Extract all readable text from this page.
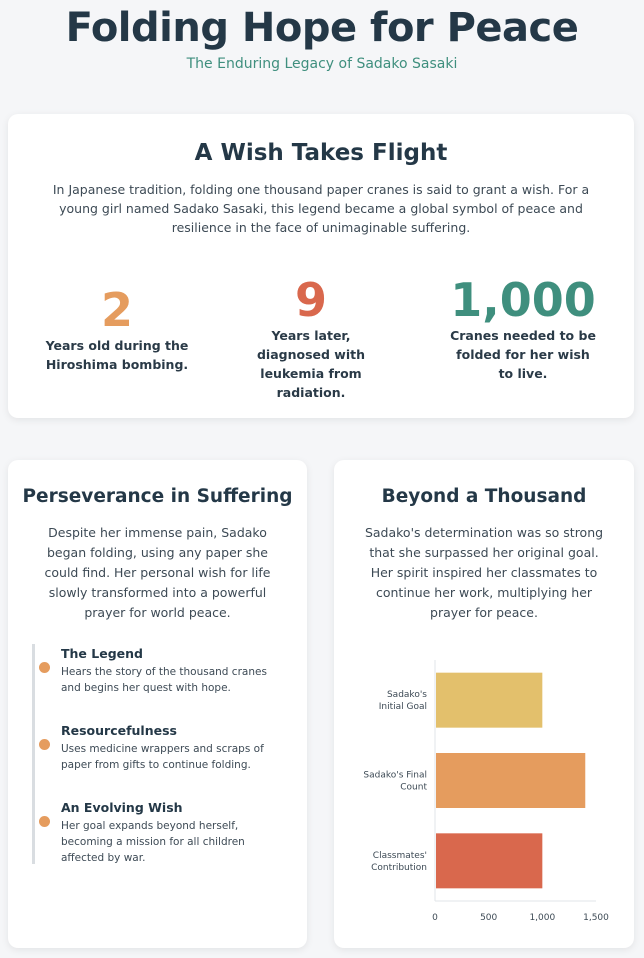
Folding Hope for Peace
The Enduring Legacy of Sadako Sasaki
A Wish Takes Flight

In Japanese tradition, folding one thousand paper cranes is said to grant a wish. For a young girl named Sadako Sasaki, this legend became a global symbol of peace and resilience in the face of unimaginable suffering.

2
Years old during the Hiroshima bombing.
9
Years later, diagnosed with leukemia from radiation.
1,000
Cranes needed to be folded for her wish to live.
Perseverance in Suffering

Despite her immense pain, Sadako began folding, using any paper she could find. Her personal wish for life slowly transformed into a powerful prayer for world peace.

The Legend
Hears the story of the thousand cranes and begins her quest with hope.
Resourcefulness
Uses medicine wrappers and scraps of paper from gifts to continue folding.
An Evolving Wish
Her goal expands beyond herself, becoming a mission for all children affected by war.
Beyond a Thousand

Sadako's determination was so strong that she surpassed her original goal. Her spirit inspired her classmates to continue her work, multiplying her prayer for peace.

Sadako's Initial Goal
Sadako's Final Count
Classmates' Contribution
0	500	1,000	1,500
